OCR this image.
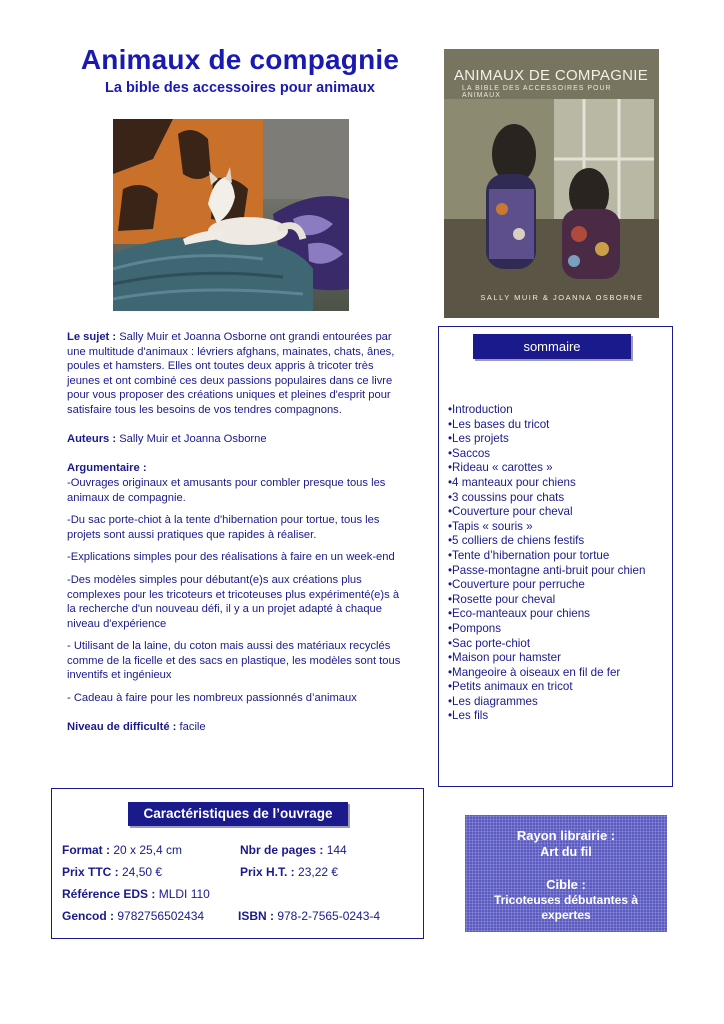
Animaux de compagnie
La bible des accessoires pour animaux
ANIMAUX DE COMPAGNIE
LA BIBLE DES ACCESSOIRES POUR ANIMAUX
SALLY MUIR & JOANNA OSBORNE

Le sujet : Sally Muir et Joanna Osborne ont grandi entourées par une multitude d'animaux : lévriers afghans, mainates, chats, ânes, poules et hamsters. Elles ont toutes deux appris à tricoter très jeunes et ont combiné ces deux passions populaires dans ce livre pour vous proposer des créations uniques et pleines d'esprit pour satisfaire tous les besoins de vos tendres compagnons.

Auteurs : Sally Muir et Joanna Osborne

Argumentaire :

-Ouvrages originaux et amusants pour combler presque tous les animaux de compagnie.

-Du sac porte-chiot à la tente d'hibernation pour tortue, tous les projets sont aussi pratiques que rapides à réaliser.

-Explications simples pour des réalisations à faire en un week-end

-Des modèles simples pour débutant(e)s aux créations plus complexes pour les tricoteurs et tricoteuses plus expérimenté(e)s à la recherche d'un nouveau défi, il y a un projet adapté à chaque niveau d'expérience

- Utilisant de la laine, du coton mais aussi des matériaux recyclés comme de la ficelle et des sacs en plastique, les modèles sont tous inventifs et ingénieux

- Cadeau à faire pour les nombreux passionnés d’animaux

Niveau de difficulté : facile

sommaire
•Introduction
•Les bases du tricot
•Les projets
•Saccos
•Rideau « carottes »
•4 manteaux pour chiens
•3 coussins pour chats
•Couverture pour cheval
•Tapis « souris »
•5 colliers de chiens festifs
•Tente d’hibernation pour tortue
•Passe-montagne anti-bruit pour chien
•Couverture pour perruche
•Rosette pour cheval
•Eco-manteaux pour chiens
•Pompons
•Sac porte-chiot
•Maison pour hamster
•Mangeoire à oiseaux en fil de fer
•Petits animaux en tricot
•Les diagrammes
•Les fils
Caractéristiques de l’ouvrage
Format : 20 x 25,4 cm	Nbr de pages : 144
Prix TTC : 24,50 €	Prix H.T. : 23,22 €
Référence EDS : MLDI 110
Gencod : 9782756502434	ISBN : 978-2-7565-0243-4
Rayon librairie :
Art du fil
Cible :
Tricoteuses débutantes à expertes
